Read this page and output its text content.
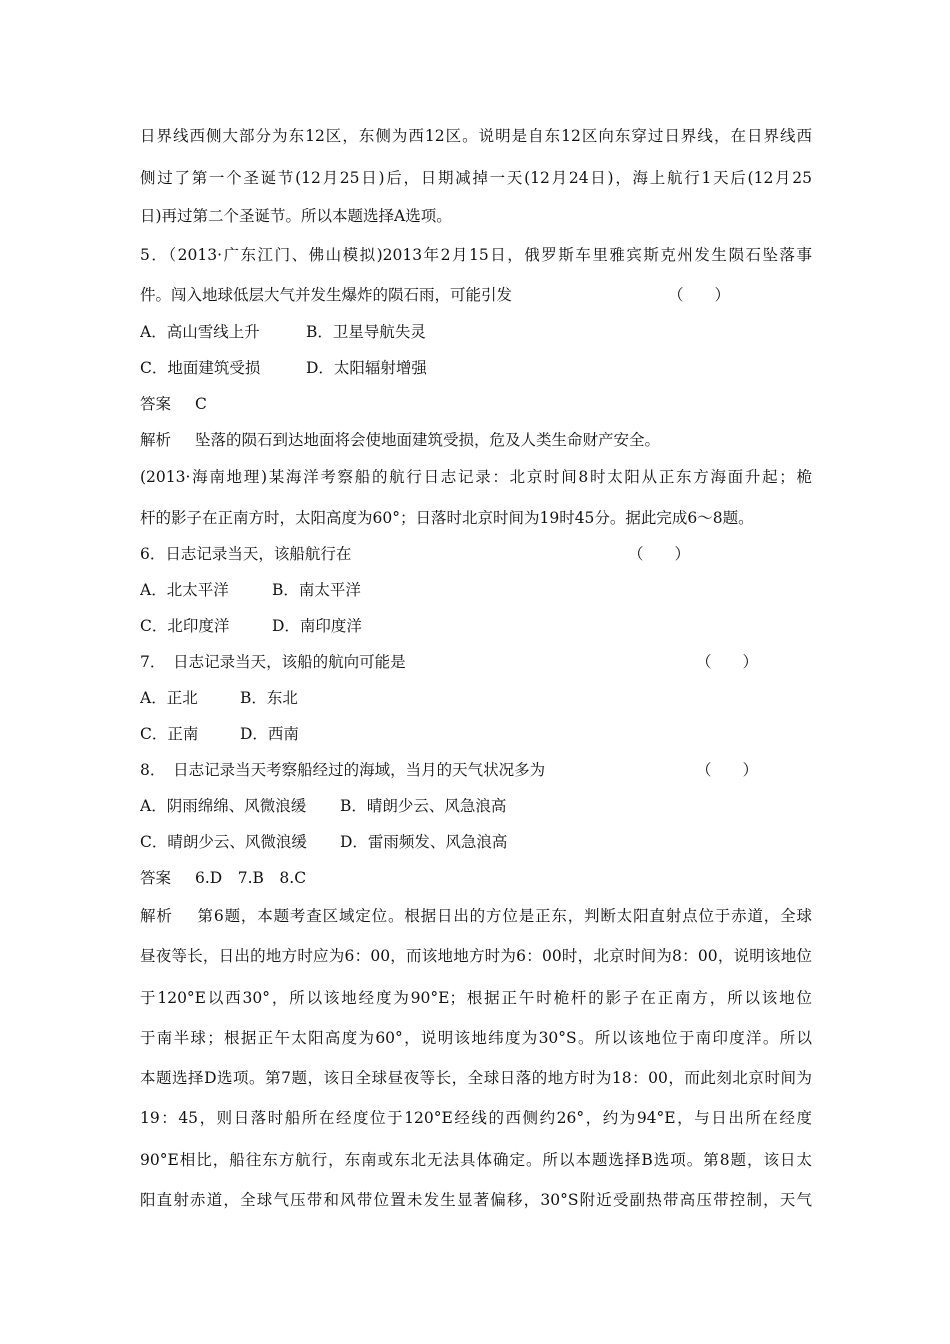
日界线西侧大部分为东12区，东侧为西12区。说明是自东12区向东穿过日界线，在日界线西
侧过了第一个圣诞节(12月25日)后，日期减掉一天(12月24日)，海上航行1天后(12月25
日)再过第二个圣诞节。所以本题选择A选项。
5．（2013·广东江门、佛山模拟)2013年2月15日，俄罗斯车里雅宾斯克州发生陨石坠落事
件。闯入地球低层大气并发生爆炸的陨石雨，可能引发	（　　）
A．高山雪线上升	B．卫星导航失灵
C．地面建筑受损	D．太阳辐射增强
答案 C
解析 坠落的陨石到达地面将会使地面建筑受损，危及人类生命财产安全。
(2013·海南地理)某海洋考察船的航行日志记录：北京时间8时太阳从正东方海面升起；桅
杆的影子在正南方时，太阳高度为60°；日落时北京时间为19时45分。据此完成6～8题。
6．日志记录当天，该船航行在	（　　）
A．北太平洋	B．南太平洋
C．北印度洋	D．南印度洋
7．　日志记录当天，该船的航向可能是	（　　）
A．正北	B．东北
C．正南	D．西南
8．　日志记录当天考察船经过的海域，当月的天气状况多为	（　　）
A．阴雨绵绵、风微浪缓 B．晴朗少云、风急浪高
C．晴朗少云、风微浪缓 D．雷雨频发、风急浪高
答案 6.D　7.B　8.C
解析 第6题，本题考查区域定位。根据日出的方位是正东，判断太阳直射点位于赤道，全球
昼夜等长，日出的地方时应为6：00，而该地地方时为6：00时，北京时间为8：00，说明该地位
于120°E以西30°，所以该地经度为90°E；根据正午时桅杆的影子在正南方，所以该地位
于南半球；根据正午太阳高度为60°，说明该地纬度为30°S。所以该地位于南印度洋。所以
本题选择D选项。第7题，该日全球昼夜等长，全球日落的地方时为18：00，而此刻北京时间为
19：45，则日落时船所在经度位于120°E经线的西侧约26°，约为94°E，与日出所在经度
90°E相比，船往东方航行，东南或东北无法具体确定。所以本题选择B选项。第8题，该日太
阳直射赤道，全球气压带和风带位置未发生显著偏移，30°S附近受副热带高压带控制，天气
